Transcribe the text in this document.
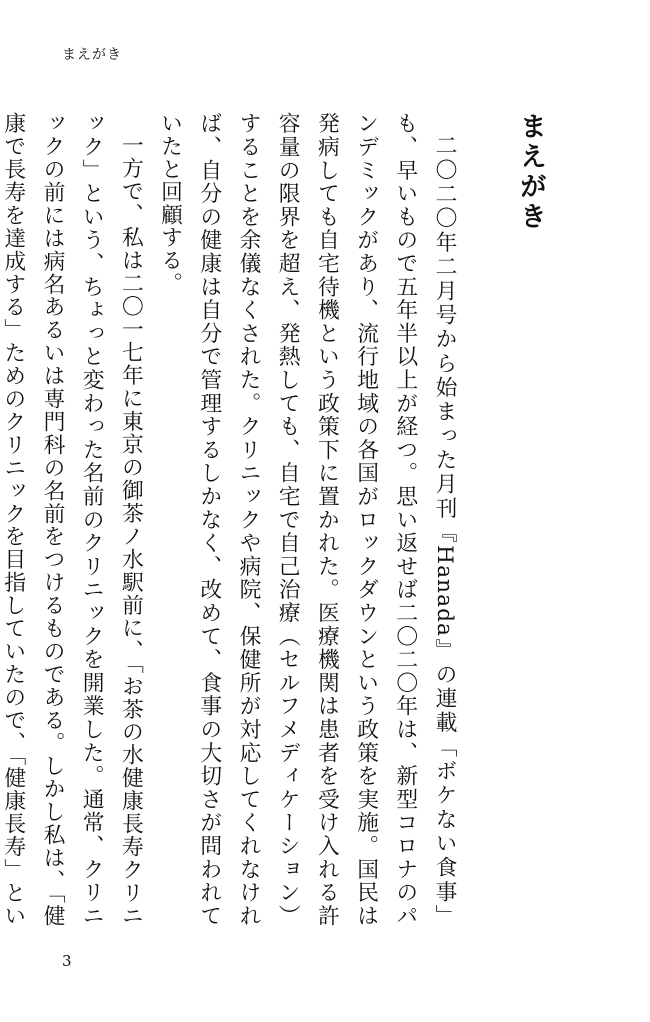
まえがき
まえがき

二〇二〇年二月号から始まった月刊『Hanada』の連載「ボケない食事」も、早いもので五年半以上が経つ。思い返せば二〇二〇年は、新型コロナのパンデミックがあり、流行地域の各国がロックダウンという政策を実施。国民は発病しても自宅待機という政策下に置かれた。医療機関は患者を受け入れる許容量の限界を超え、発熱しても、自宅で自己治療（セルフメディケーション）することを余儀なくされた。クリニックや病院、保健所が対応してくれなければ、自分の健康は自分で管理するしかなく、改めて、食事の大切さが問われていたと回顧する。

一方で、私は二〇一七年に東京の御茶ノ水駅前に、「お茶の水健康長寿クリニック」という、ちょっと変わった名前のクリニックを開業した。通常、クリニックの前には病名あるいは専門科の名前をつけるものである。しかし私は、「健康で長寿を達成する」ためのクリニックを目指していたので、「健康長寿」とい

3
